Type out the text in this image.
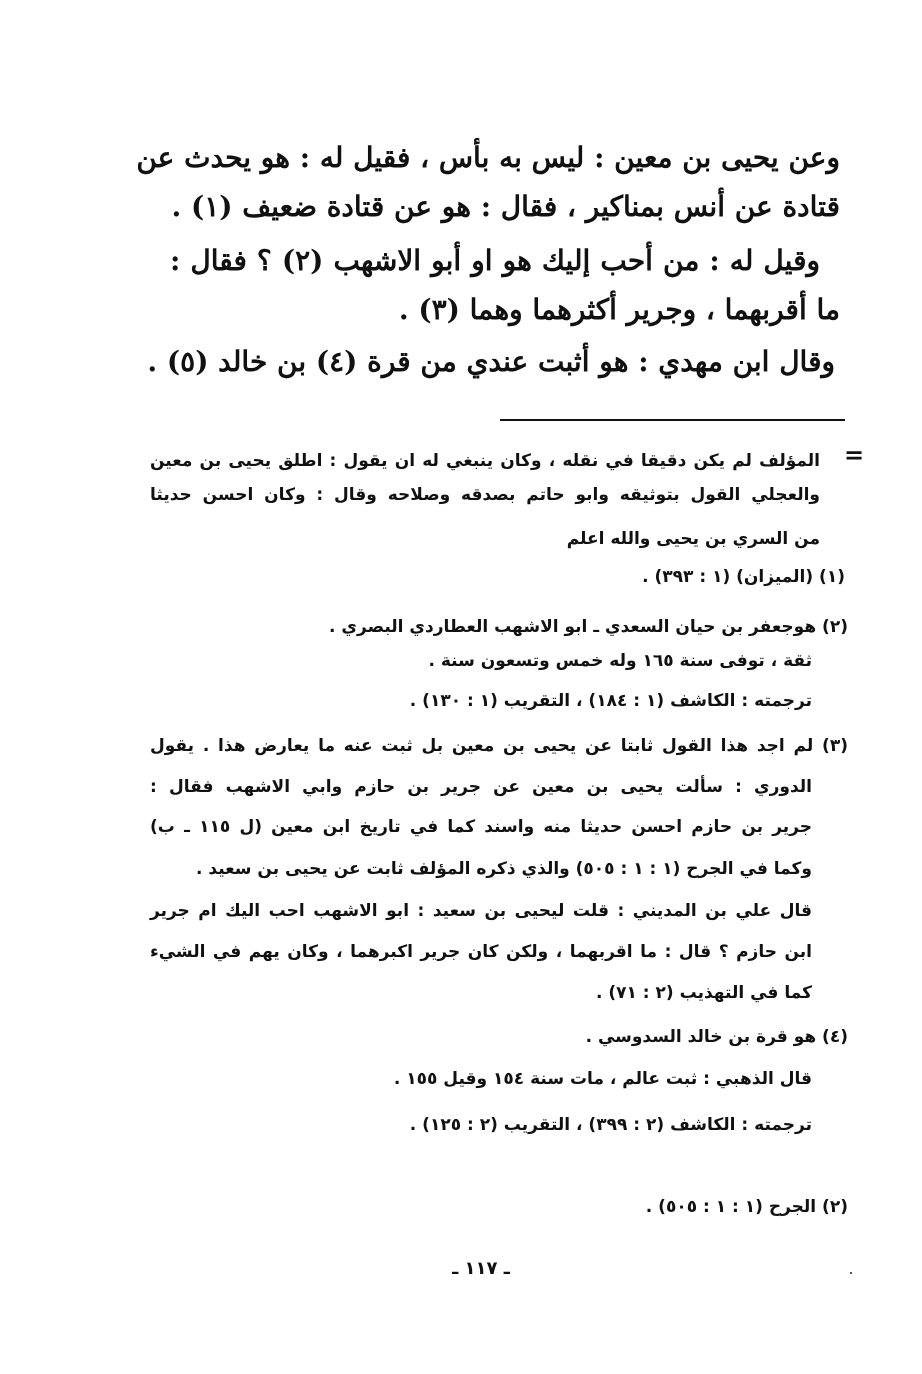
وعن يحيى بن معين : ليس به بأس ، فقيل له : هو يحدث عن
قتادة عن أنس بمناكير ، فقال : هو عن قتادة ضعيف (١) .
وقيل له : من أحب إليك هو او أبو الاشهب (٢) ؟ فقال :
ما أقربهما ، وجرير أكثرهما وهما (٣) .
وقال ابن مهدي : هو أثبت عندي من قرة (٤) بن خالد (٥) .
=
المؤلف لم يكن دقيقا في نقله ، وكان ينبغي له ان يقول : اطلق يحيى بن معين
والعجلي القول بتوثيقه وابو حاتم بصدقه وصلاحه وقال : وكان احسن حديثا
من السري بن يحيى والله اعلم
(١) (الميزان) (١ : ٣٩٣) .
(٢) هوجعفر بن حيان السعدي ـ ابو الاشهب العطاردي البصري .
ثقة ، توفى سنة ١٦٥ وله خمس وتسعون سنة .
ترجمته : الكاشف (١ : ١٨٤) ، التقريب (١ : ١٣٠) .
(٣) لم اجد هذا القول ثابتا عن يحيى بن معين بل ثبت عنه ما يعارض هذا . يقول
الدوري : سألت يحيى بن معين عن جرير بن حازم وابي الاشهب فقال :
جرير بن حازم احسن حديثا منه واسند كما في تاريخ ابن معين (ل ١١٥ ـ ب)
وكما في الجرح (١ : ١ : ٥٠٥) والذي ذكره المؤلف ثابت عن يحيى بن سعيد .
قال علي بن المديني : قلت ليحيى بن سعيد : ابو الاشهب احب اليك ام جرير
ابن حازم ؟ قال : ما اقربهما ، ولكن كان جرير اكبرهما ، وكان يهم في الشيء
كما في التهذيب (٢ : ٧١) .
(٤) هو قرة بن خالد السدوسي .
قال الذهبي : ثبت عالم ، مات سنة ١٥٤ وقيل ١٥٥ .
ترجمته : الكاشف (٢ : ٣٩٩) ، التقريب (٢ : ١٢٥) .
(٢) الجرح (١ : ١ : ٥٠٥) .
ـ ١١٧ ـ
